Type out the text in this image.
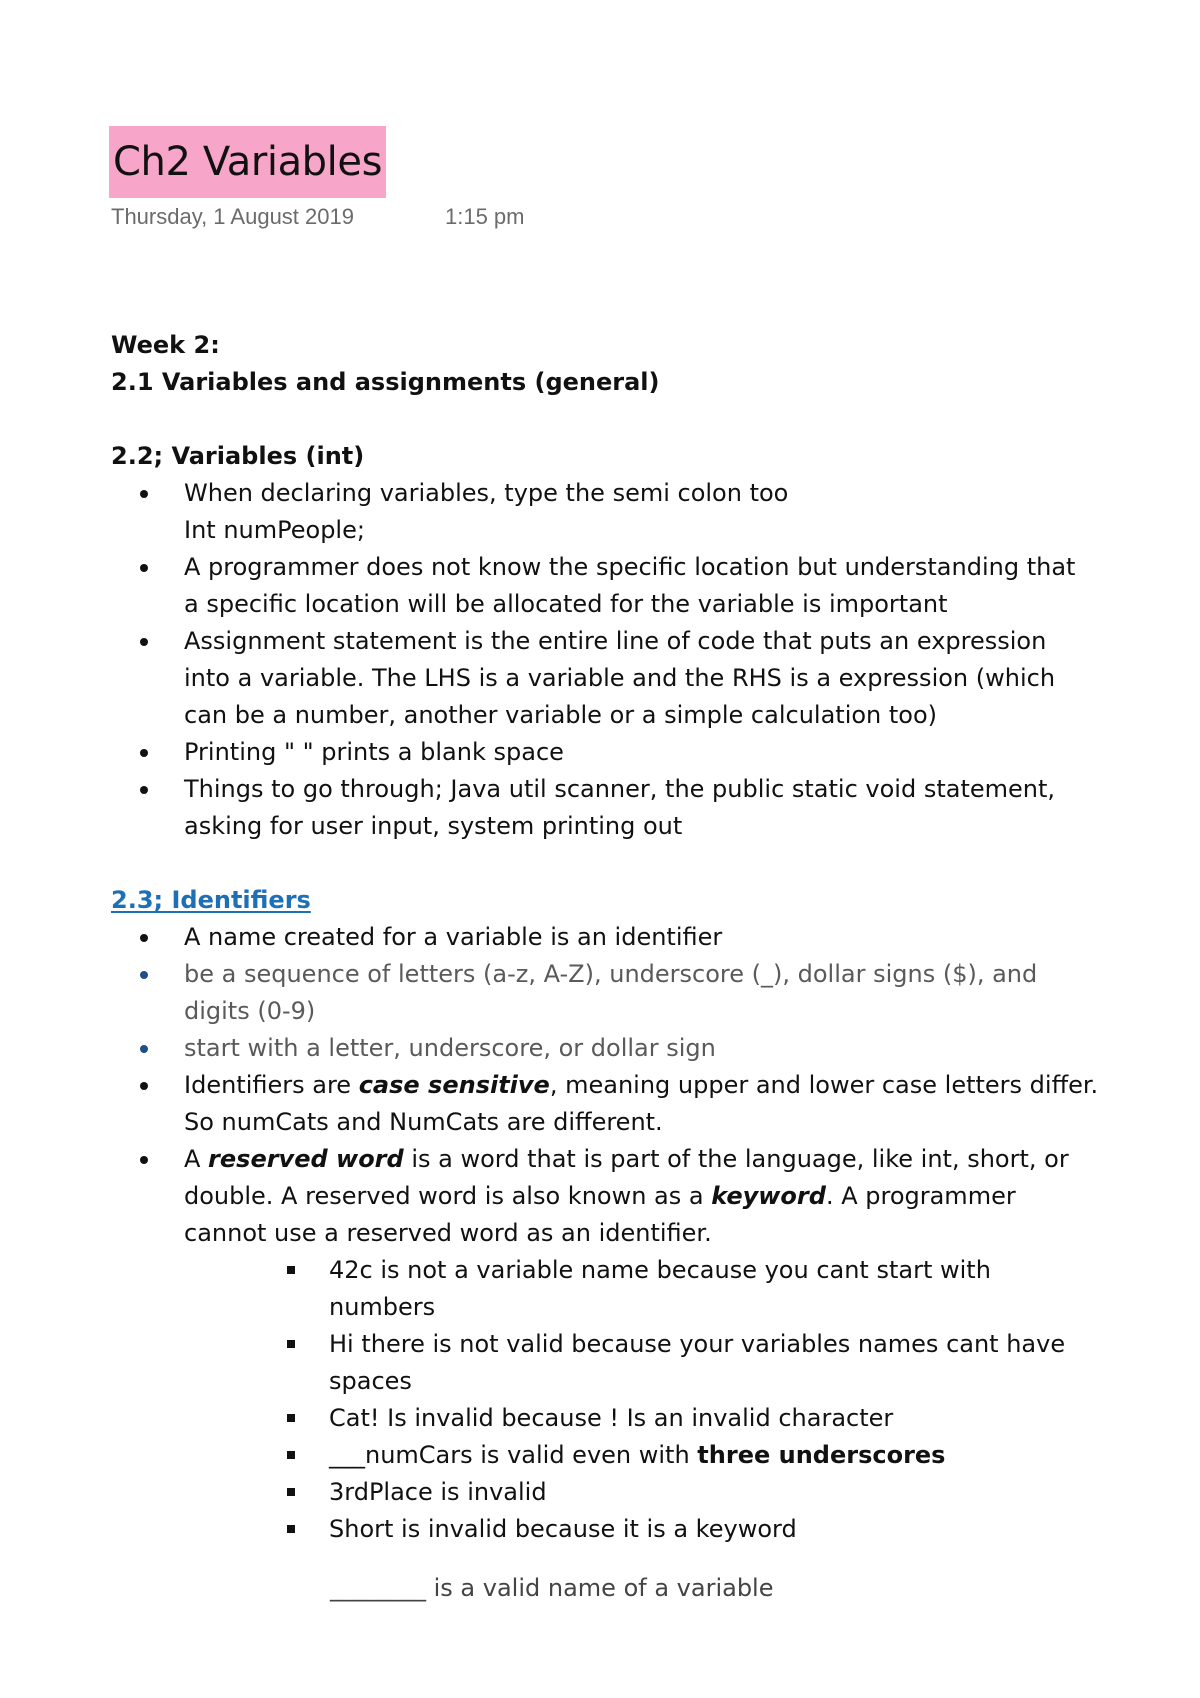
Ch2 Variables
Thursday, 1 August 2019	1:15 pm

Week 2:

2.1 Variables and assignments (general)

2.2; Variables (int)

When declaring variables, type the semi colon too
Int numPeople;
A programmer does not know the specific location but understanding that
a specific location will be allocated for the variable is important
Assignment statement is the entire line of code that puts an expression
into a variable. The LHS is a variable and the RHS is a expression (which
can be a number, another variable or a simple calculation too)
Printing " " prints a blank space
Things to go through; Java util scanner, the public static void statement,
asking for user input, system printing out

2.3; Identifiers

A name created for a variable is an identifier
be a sequence of letters (a-z, A-Z), underscore (_), dollar signs ($), and
digits (0-9)
start with a letter, underscore, or dollar sign
Identifiers are case sensitive, meaning upper and lower case letters differ.
So numCats and NumCats are different.
A reserved word is a word that is part of the language, like int, short, or
double. A reserved word is also known as a keyword. A programmer
cannot use a reserved word as an identifier.
42c is not a variable name because you cant start with
numbers
Hi there is not valid because your variables names cant have
spaces
Cat! Is invalid because ! Is an invalid character
___numCars is valid even with three underscores
3rdPlace is invalid
Short is invalid because it is a keyword
________ is a valid name of a variable
